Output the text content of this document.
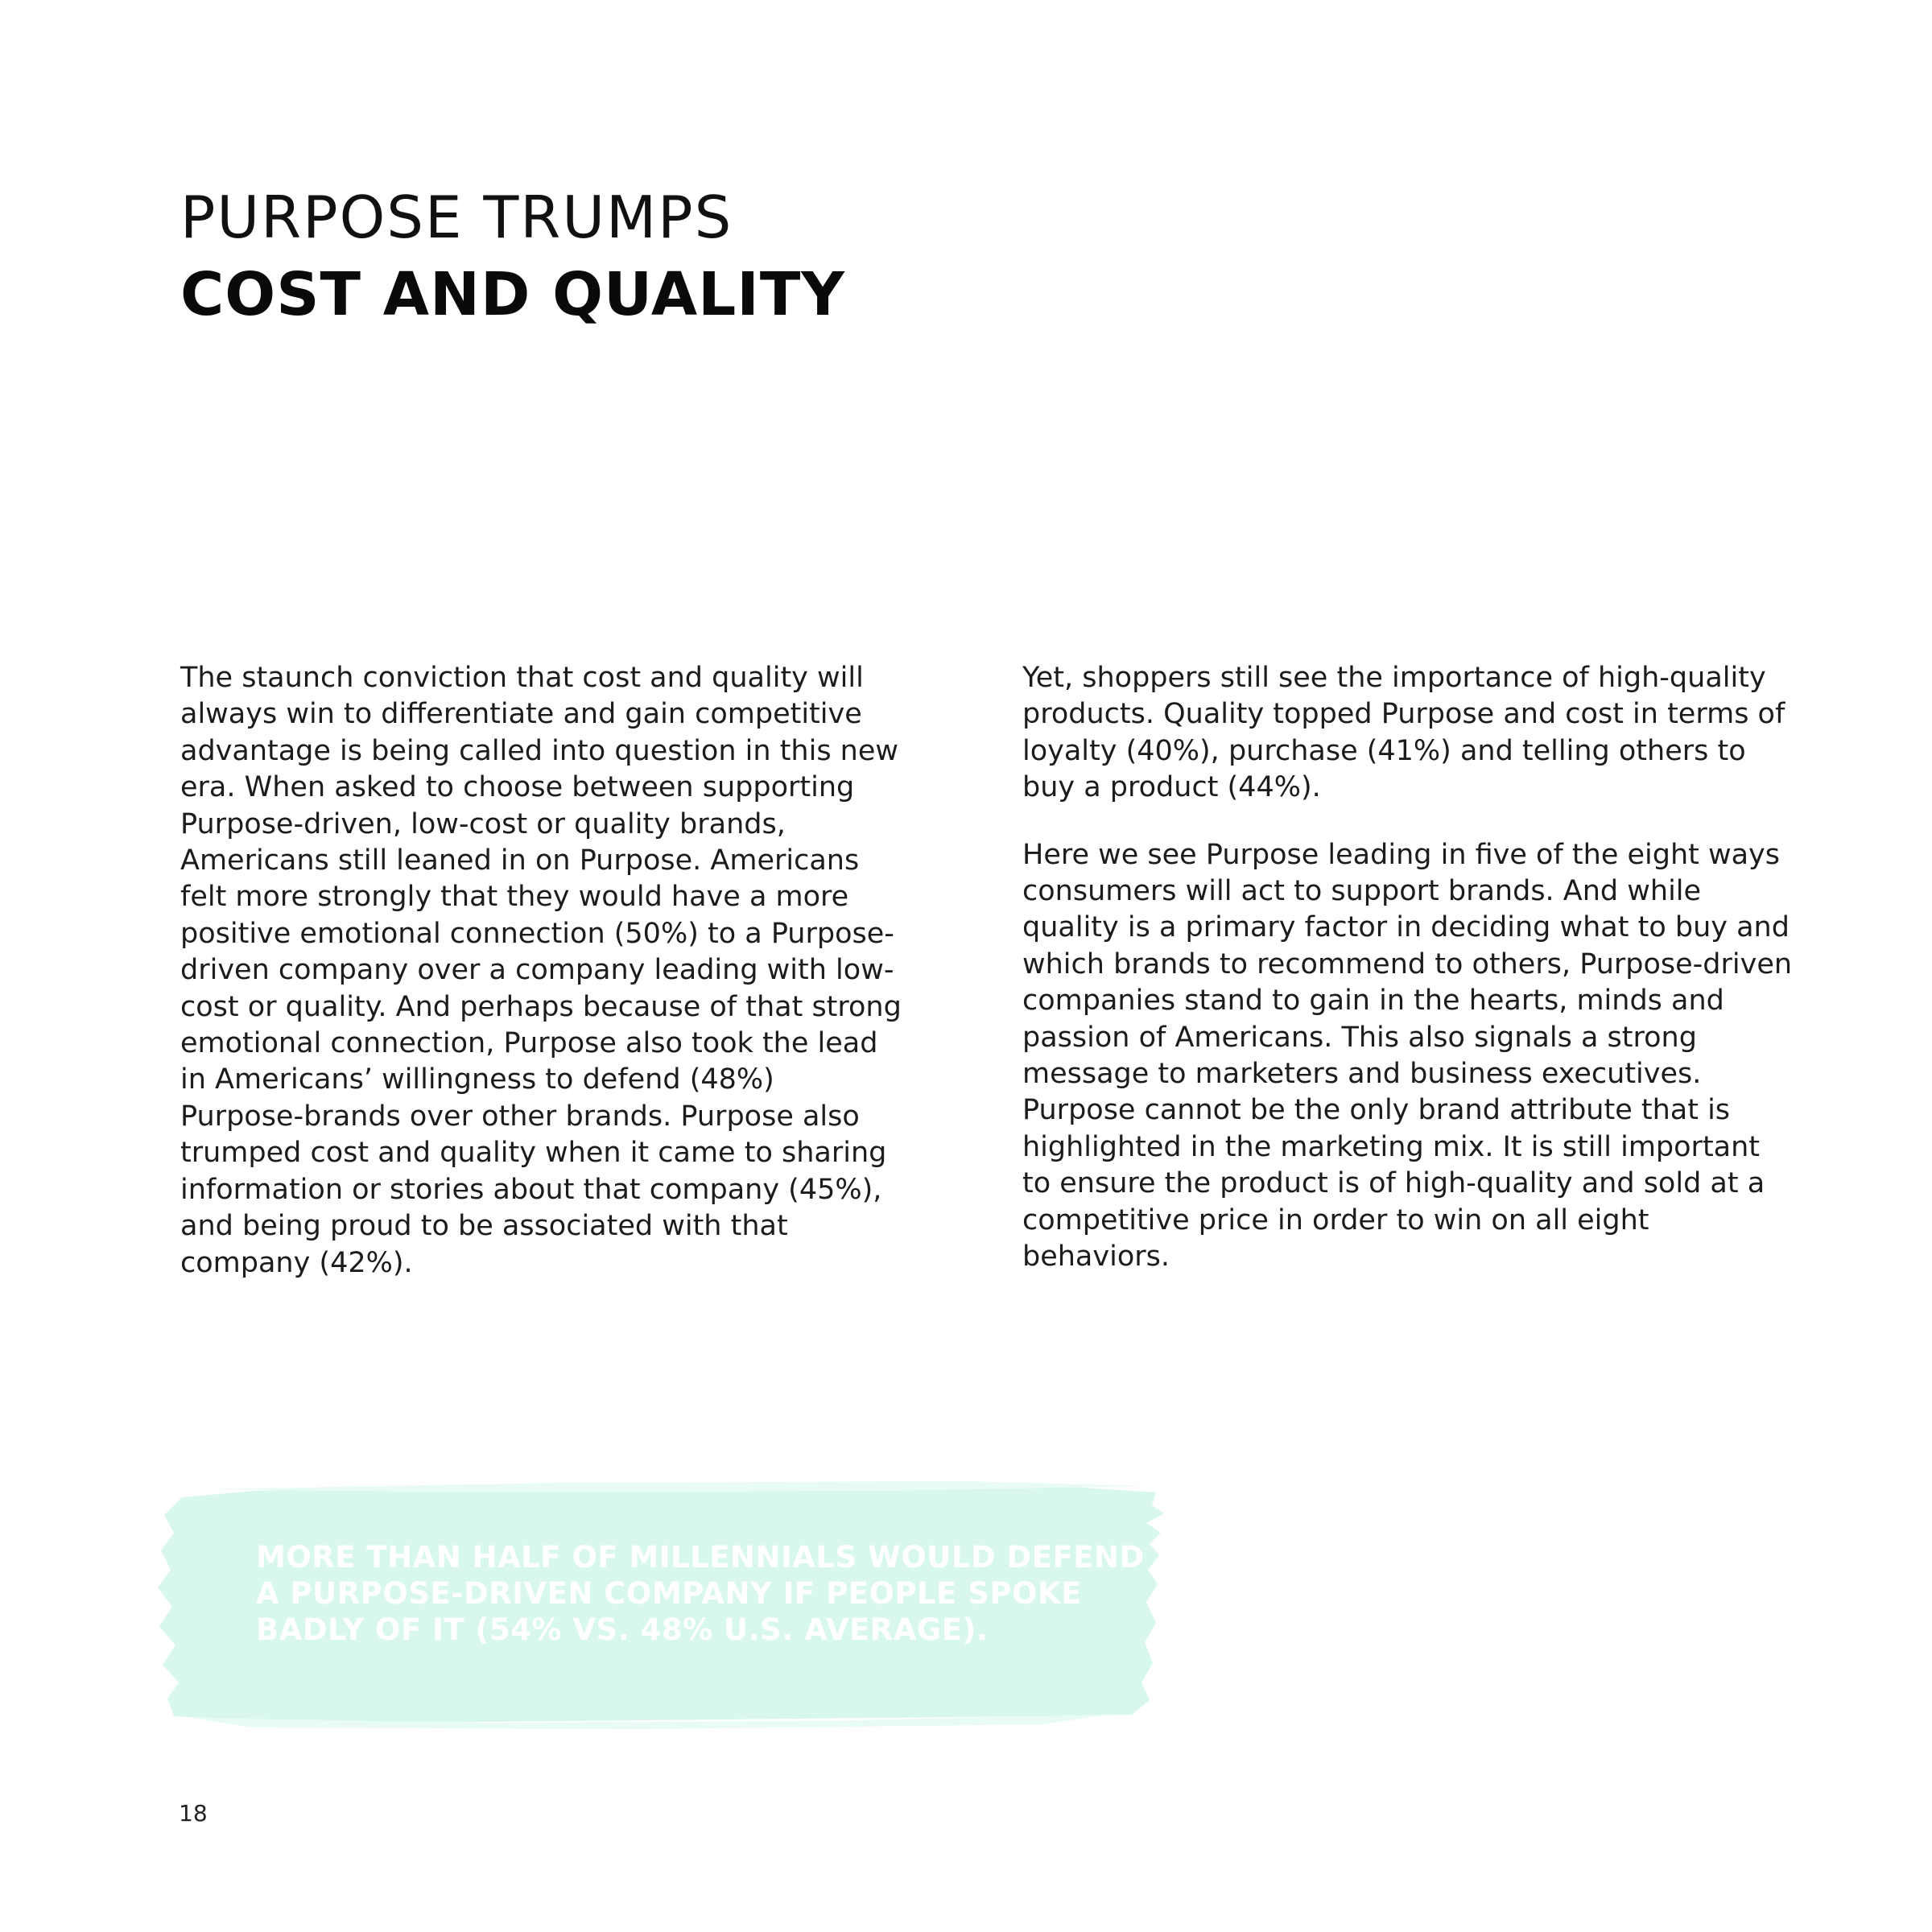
PURPOSE TRUMPS
COST AND QUALITY

The staunch conviction that cost and quality will always win to differentiate and gain competitive advantage is being called into question in this new era. When asked to choose between supporting Purpose-driven, low-cost or quality brands, Americans still leaned in on Purpose. Americans felt more strongly that they would have a more positive emotional connection (50%) to a Purpose-driven company over a company leading with low-cost or quality. And perhaps because of that strong emotional connection, Purpose also took the lead in Americans’ willingness to defend (48%) Purpose-brands over other brands. Purpose also trumped cost and quality when it came to sharing information or stories about that company (45%), and being proud to be associated with that company (42%).

Yet, shoppers still see the importance of high-quality products. Quality topped Purpose and cost in terms of loyalty (40%), purchase (41%) and telling others to buy a product (44%).

Here we see Purpose leading in five of the eight ways consumers will act to support brands. And while quality is a primary factor in deciding what to buy and which brands to recommend to others, Purpose-driven companies stand to gain in the hearts, minds and passion of Americans. This also signals a strong message to marketers and business executives. Purpose cannot be the only brand attribute that is highlighted in the marketing mix. It is still important to ensure the product is of high-quality and sold at a competitive price in order to win on all eight behaviors.

MORE THAN HALF OF MILLENNIALS WOULD DEFEND A PURPOSE-DRIVEN COMPANY IF PEOPLE SPOKE BADLY OF IT (54% VS. 48% U.S. AVERAGE).
18
